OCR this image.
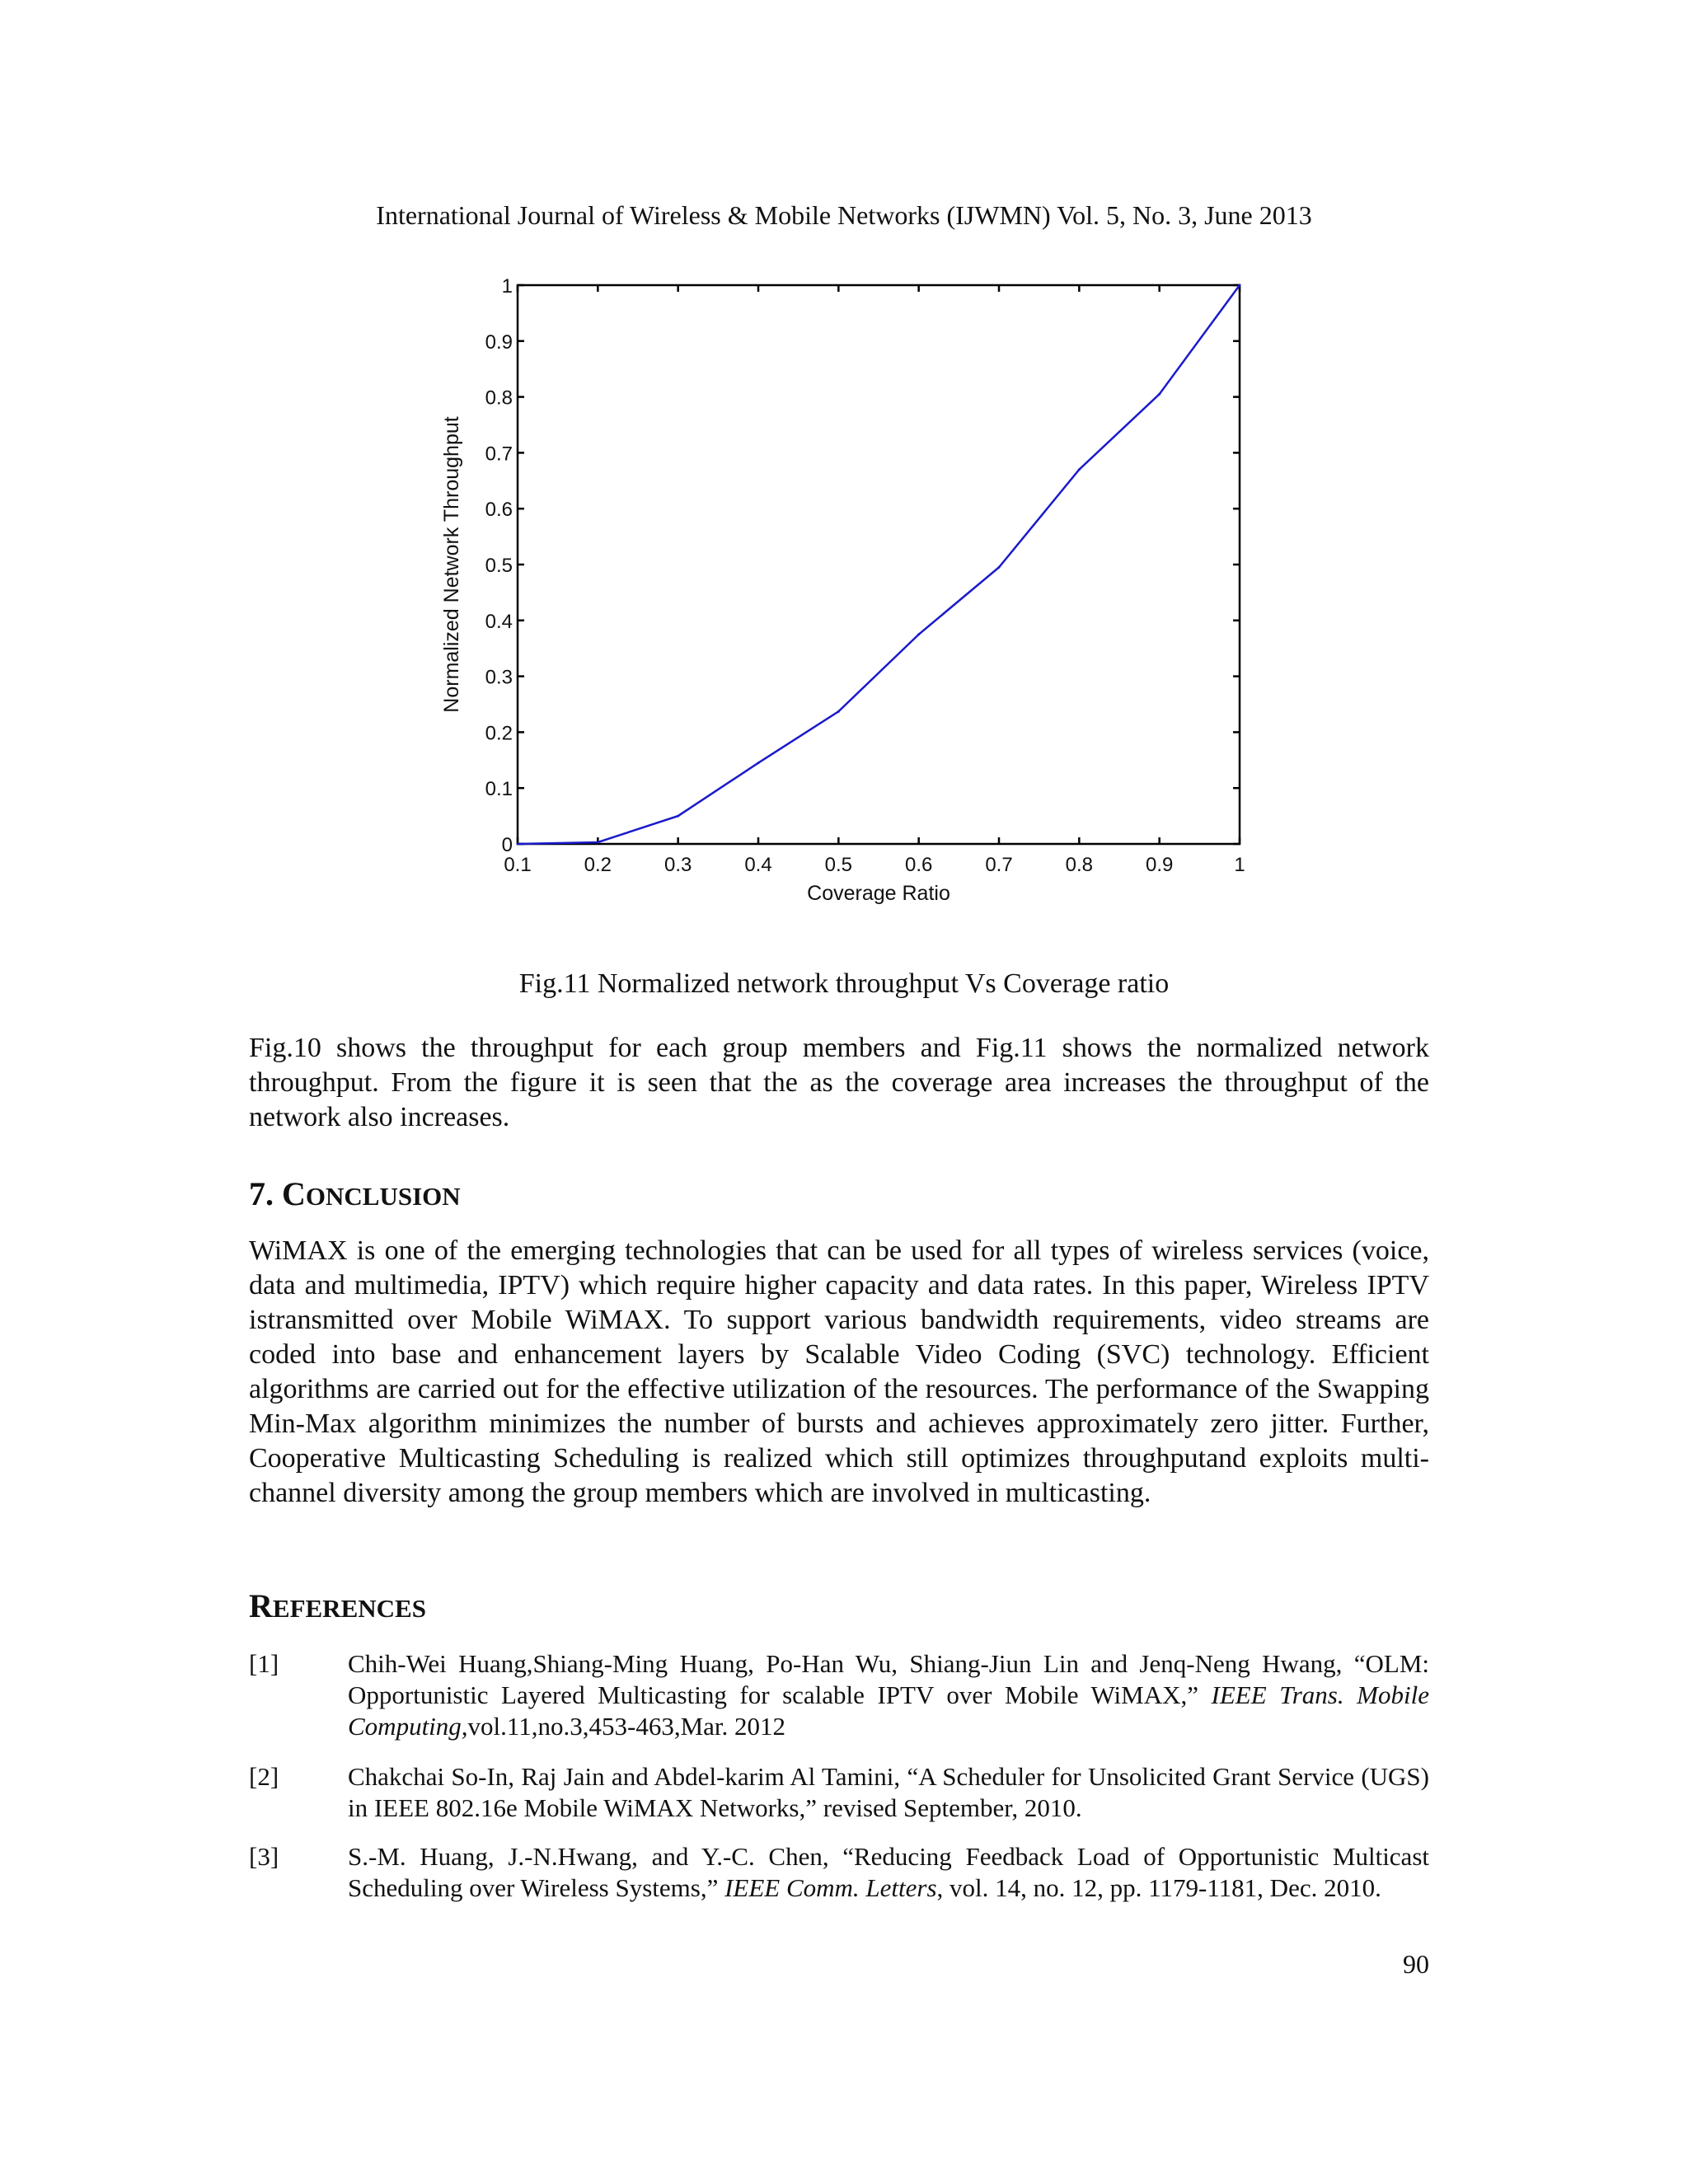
International Journal of Wireless & Mobile Networks (IJWMN) Vol. 5, No. 3, June 2013
0.1	0.2	0.3	0.4	0.5	0.6	0.7	0.8	0.9	1
0
0.1
0.2
0.3
0.4
0.5
0.6
0.7
0.8
0.9
1
Coverage Ratio
Normalized Network Throughput
Fig.11 Normalized network throughput Vs Coverage ratio

Fig.10 shows the throughput for each group members and Fig.11 shows the normalized network throughput. From the figure it is seen that the as the coverage area increases the throughput of the network also increases.

7. CONCLUSION

WiMAX is one of the emerging technologies that can be used for all types of wireless services (voice, data and multimedia, IPTV) which require higher capacity and data rates. In this paper, Wireless IPTV istransmitted over Mobile WiMAX. To support various bandwidth requirements, video streams are coded into base and enhancement layers by Scalable Video Coding (SVC) technology. Efficient algorithms are carried out for the effective utilization of the resources. The performance of the Swapping Min-Max algorithm minimizes the number of bursts and achieves approximately zero jitter. Further, Cooperative Multicasting Scheduling is realized which still optimizes throughputand exploits multi-channel diversity among the group members which are involved in multicasting.

REFERENCES
[1]	Chih-Wei Huang,Shiang-Ming Huang, Po-Han Wu, Shiang-Jiun Lin and Jenq-Neng Hwang, “OLM: Opportunistic Layered Multicasting for scalable IPTV over Mobile WiMAX,” IEEE Trans. Mobile Computing,vol.11,no.3,453-463,Mar. 2012
[2]	Chakchai So-In, Raj Jain and Abdel-karim Al Tamini, “A Scheduler for Unsolicited Grant Service (UGS) in IEEE 802.16e Mobile WiMAX Networks,” revised September, 2010.
[3]	S.-M. Huang, J.-N.Hwang, and Y.-C. Chen, “Reducing Feedback Load of Opportunistic Multicast Scheduling over Wireless Systems,” IEEE Comm. Letters, vol. 14, no. 12, pp. 1179-1181, Dec. 2010.
90
